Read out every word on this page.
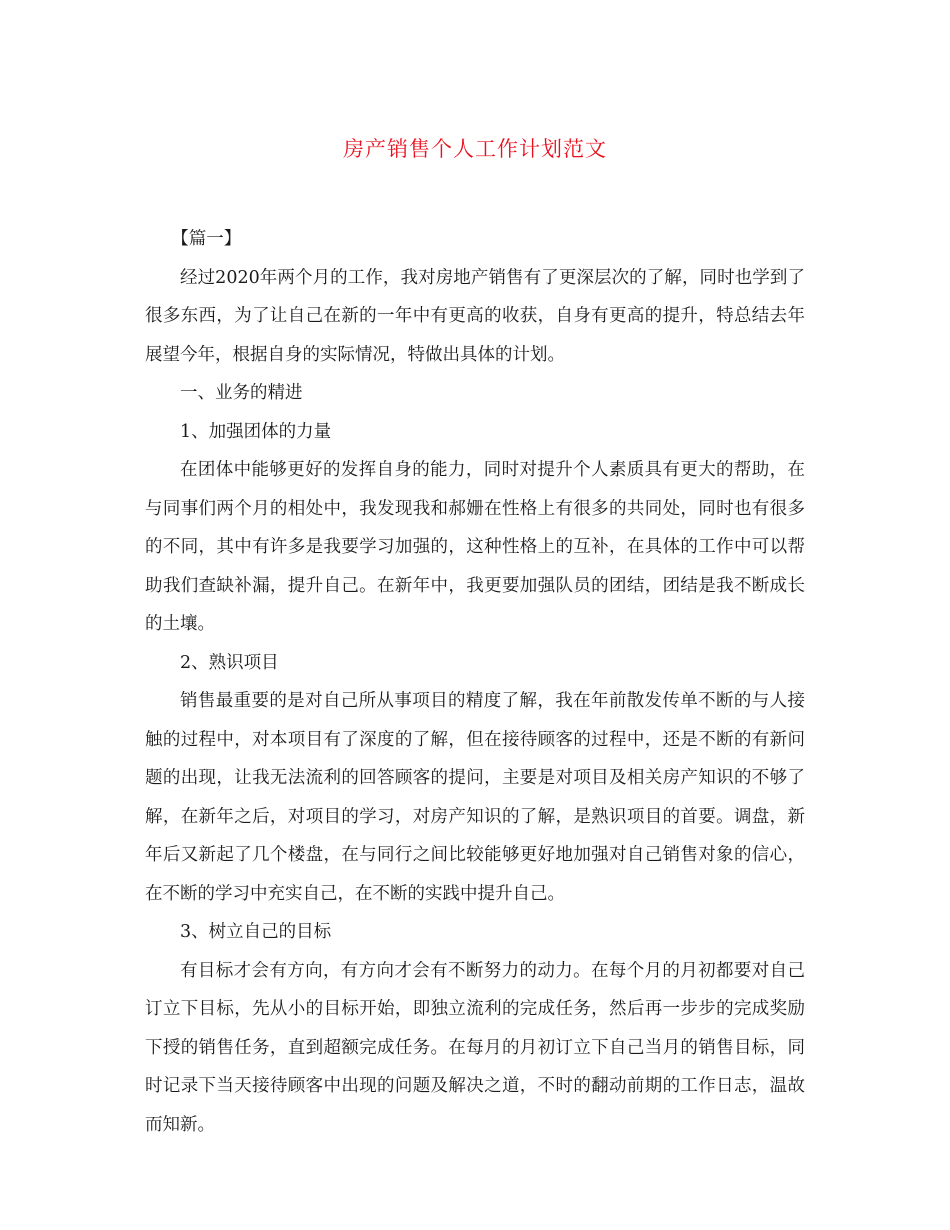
房产销售个人工作计划范文

【篇一】

经过2020年两个月的工作，我对房地产销售有了更深层次的了解，同时也学到了很多东西，为了让自己在新的一年中有更高的收获，自身有更高的提升，特总结去年展望今年，根据自身的实际情况，特做出具体的计划。

一、业务的精进

1、加强团体的力量

在团体中能够更好的发挥自身的能力，同时对提升个人素质具有更大的帮助，在与同事们两个月的相处中，我发现我和郝姗在性格上有很多的共同处，同时也有很多的不同，其中有许多是我要学习加强的，这种性格上的互补，在具体的工作中可以帮助我们查缺补漏，提升自己。在新年中，我更要加强队员的团结，团结是我不断成长的土壤。

2、熟识项目

销售最重要的是对自己所从事项目的精度了解，我在年前散发传单不断的与人接触的过程中，对本项目有了深度的了解，但在接待顾客的过程中，还是不断的有新问题的出现，让我无法流利的回答顾客的提问，主要是对项目及相关房产知识的不够了解，在新年之后，对项目的学习，对房产知识的了解，是熟识项目的首要。调盘，新年后又新起了几个楼盘，在与同行之间比较能够更好地加强对自己销售对象的信心，在不断的学习中充实自己，在不断的实践中提升自己。

3、树立自己的目标

有目标才会有方向，有方向才会有不断努力的动力。在每个月的月初都要对自己订立下目标，先从小的目标开始，即独立流利的完成任务，然后再一步步的完成奖励下授的销售任务，直到超额完成任务。在每月的月初订立下自己当月的销售目标，同时记录下当天接待顾客中出现的问题及解决之道，不时的翻动前期的工作日志，温故而知新。
